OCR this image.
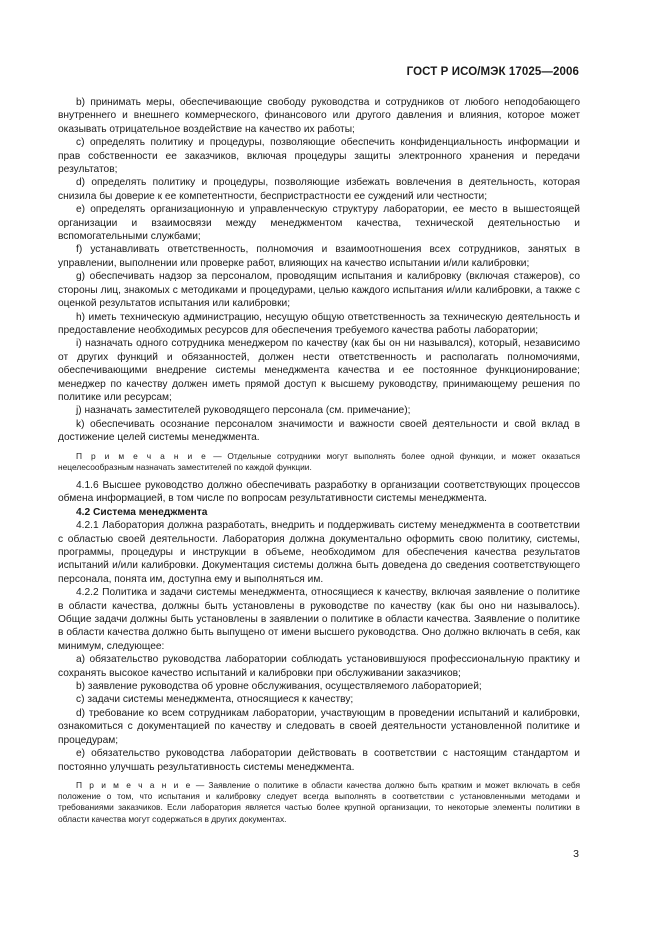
ГОСТ Р ИСО/МЭК 17025—2006

b) принимать меры, обеспечивающие свободу руководства и сотрудников от любого неподобающего внутреннего и внешнего коммерческого, финансового или другого давления и влияния, которое может оказывать отрицательное воздействие на качество их работы;

c) определять политику и процедуры, позволяющие обеспечить конфиденциальность информации и прав собственности ее заказчиков, включая процедуры защиты электронного хранения и передачи результатов;

d) определять политику и процедуры, позволяющие избежать вовлечения в деятельность, которая снизила бы доверие к ее компетентности, беспристрастности ее суждений или честности;

e) определять организационную и управленческую структуру лаборатории, ее место в вышестоящей организации и взаимосвязи между менеджментом качества, технической деятельностью и вспомогательными службами;

f) устанавливать ответственность, полномочия и взаимоотношения всех сотрудников, занятых в управлении, выполнении или проверке работ, влияющих на качество испытании и/или калибровки;

g) обеспечивать надзор за персоналом, проводящим испытания и калибровку (включая стажеров), со стороны лиц, знакомых с методиками и процедурами, целью каждого испытания и/или калибровки, а также с оценкой результатов испытания или калибровки;

h) иметь техническую администрацию, несущую общую ответственность за техническую деятельность и предоставление необходимых ресурсов для обеспечения требуемого качества работы лаборатории;

i) назначать одного сотрудника менеджером по качеству (как бы он ни назывался), который, независимо от других функций и обязанностей, должен нести ответственность и располагать полномочиями, обеспечивающими внедрение системы менеджмента качества и ее постоянное функционирование; менеджер по качеству должен иметь прямой доступ к высшему руководству, принимающему решения по политике или ресурсам;

j) назначать заместителей руководящего персонала (см. примечание);

k) обеспечивать осознание персоналом значимости и важности своей деятельности и свой вклад в достижение целей системы менеджмента.

П р и м е ч а н и е — Отдельные сотрудники могут выполнять более одной функции, и может оказаться нецелесообразным назначать заместителей по каждой функции.

4.1.6 Высшее руководство должно обеспечивать разработку в организации соответствующих процессов обмена информацией, в том числе по вопросам результативности системы менеджмента.

4.2 Система менеджмента

4.2.1 Лаборатория должна разработать, внедрить и поддерживать систему менеджмента в соответствии с областью своей деятельности. Лаборатория должна документально оформить свою политику, системы, программы, процедуры и инструкции в объеме, необходимом для обеспечения качества результатов испытаний и/или калибровки. Документация системы должна быть доведена до сведения соответствующего персонала, понята им, доступна ему и выполняться им.

4.2.2 Политика и задачи системы менеджмента, относящиеся к качеству, включая заявление о политике в области качества, должны быть установлены в руководстве по качеству (как бы оно ни называлось). Общие задачи должны быть установлены в заявлении о политике в области качества. Заявление о политике в области качества должно быть выпущено от имени высшего руководства. Оно должно включать в себя, как минимум, следующее:

a) обязательство руководства лаборатории соблюдать установившуюся профессиональную практику и сохранять высокое качество испытаний и калибровки при обслуживании заказчиков;

b) заявление руководства об уровне обслуживания, осуществляемого лабораторией;

c) задачи системы менеджмента, относящиеся к качеству;

d) требование ко всем сотрудникам лаборатории, участвующим в проведении испытаний и калибровки, ознакомиться с документацией по качеству и следовать в своей деятельности установленной политике и процедурам;

e) обязательство руководства лаборатории действовать в соответствии с настоящим стандартом и постоянно улучшать результативность системы менеджмента.

П р и м е ч а н и е — Заявление о политике в области качества должно быть кратким и может включать в себя положение о том, что испытания и калибровку следует всегда выполнять в соответствии с установленными методами и требованиями заказчиков. Если лаборатория является частью более крупной организации, то некоторые элементы политики в области качества могут содержаться в других документах.

3
